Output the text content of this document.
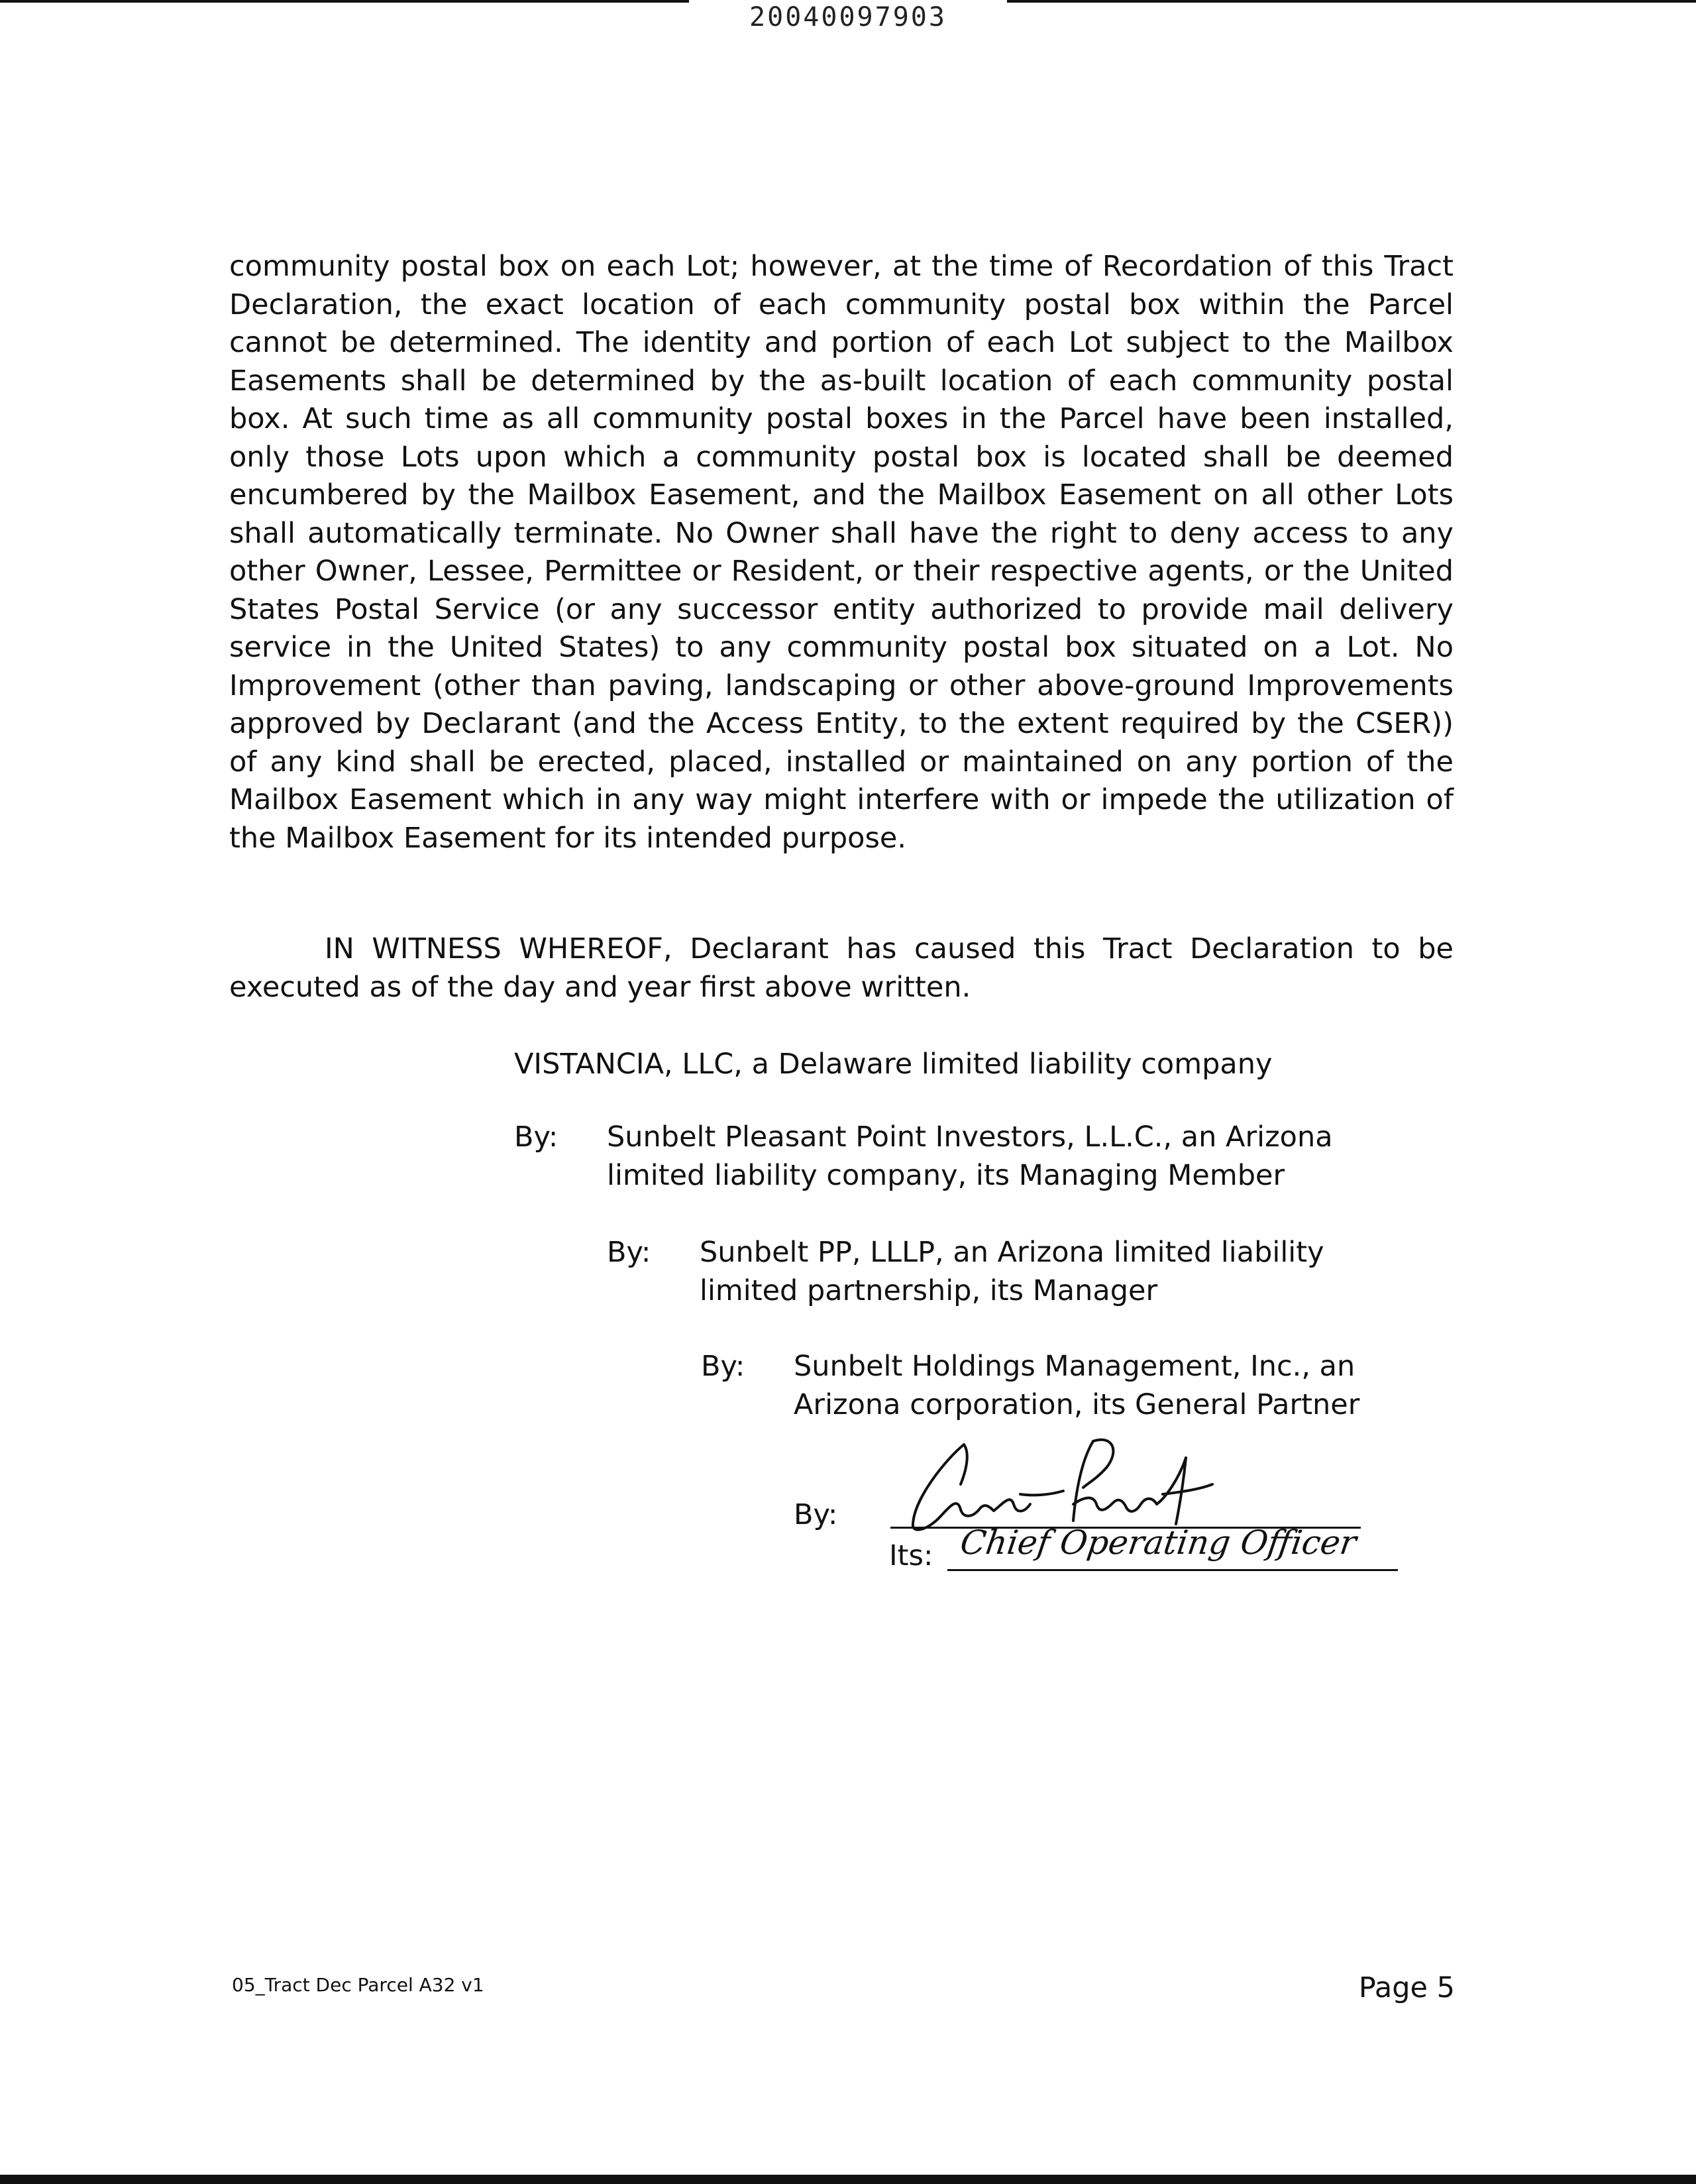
20040097903

community postal box on each Lot; however, at the time of Recordation of this Tract Declaration, the exact location of each community postal box within the Parcel cannot be determined. The identity and portion of each Lot subject to the Mailbox Easements shall be determined by the as-built location of each community postal box. At such time as all community postal boxes in the Parcel have been installed, only those Lots upon which a community postal box is located shall be deemed encumbered by the Mailbox Easement, and the Mailbox Easement on all other Lots shall automatically terminate. No Owner shall have the right to deny access to any other Owner, Lessee, Permittee or Resident, or their respective agents, or the United States Postal Service (or any successor entity authorized to provide mail delivery service in the United States) to any community postal box situated on a Lot. No Improvement (other than paving, landscaping or other above-ground Improvements approved by Declarant (and the Access Entity, to the extent required by the CSER)) of any kind shall be erected, placed, installed or maintained on any portion of the Mailbox Easement which in any way might interfere with or impede the utilization of the Mailbox Easement for its intended purpose.

IN WITNESS WHEREOF, Declarant has caused this Tract Declaration to be executed as of the day and year first above written.

VISTANCIA, LLC, a Delaware limited liability company
By: Sunbelt Pleasant Point Investors, L.L.C., an Arizona
limited liability company, its Managing Member
By: Sunbelt PP, LLLP, an Arizona limited liability
limited partnership, its Manager
By: Sunbelt Holdings Management, Inc., an
Arizona corporation, its General Partner
By:
Its: Chief Operating Officer
05_Tract Dec Parcel A32 v1	Page 5
